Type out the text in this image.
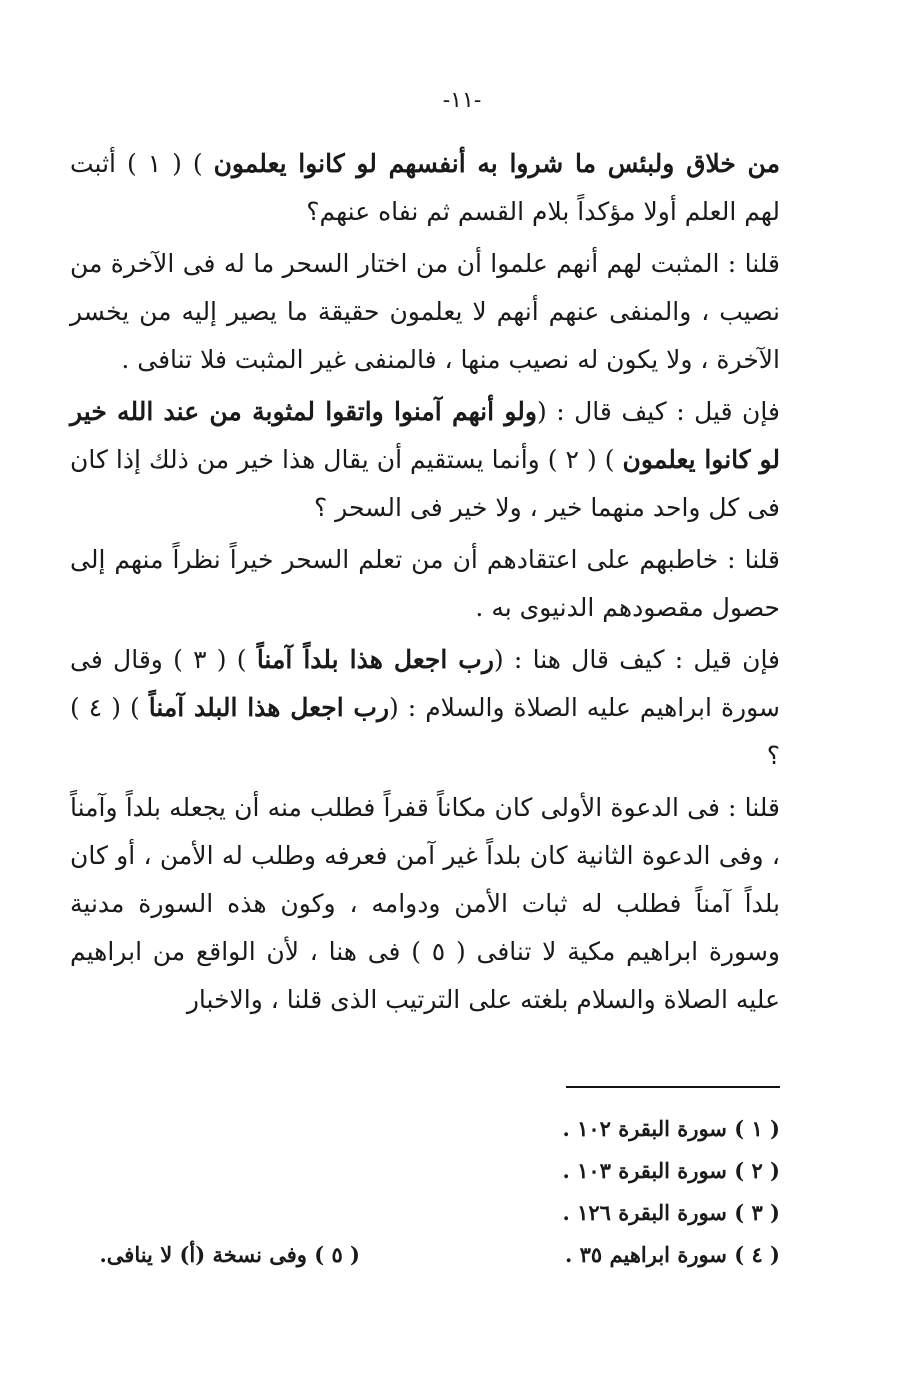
-١١-

من خلاق ولبئس ما شروا به أنفسهم لو كانوا يعلمون ) ( ١ ) أثبت لهم العلم أولا مؤكداً بلام القسم ثم نفاه عنهم؟

قلنا : المثبت لهم أنهم علموا أن من اختار السحر ما له فى الآخرة من نصيب ، والمنفى عنهم أنهم لا يعلمون حقيقة ما يصير إليه من يخسر الآخرة ، ولا يكون له نصيب منها ، فالمنفى غير المثبت فلا تنافى .

فإن قيل : كيف قال : (ولو أنهم آمنوا واتقوا لمثوبة من عند الله خير لو كانوا يعلمون ) ( ٢ ) وأنما يستقيم أن يقال هذا خير من ذلك إذا كان فى كل واحد منهما خير ، ولا خير فى السحر ؟

قلنا : خاطبهم على اعتقادهم أن من تعلم السحر خيراً نظراً منهم إلى حصول مقصودهم الدنيوى به .

فإن قيل : كيف قال هنا : (رب اجعل هذا بلداً آمناً ) ( ٣ ) وقال فى سورة ابراهيم عليه الصلاة والسلام : (رب اجعل هذا البلد آمناً ) ( ٤ ) ؟

قلنا : فى الدعوة الأولى كان مكاناً قفراً فطلب منه أن يجعله بلداً وآمناً ، وفى الدعوة الثانية كان بلداً غير آمن فعرفه وطلب له الأمن ، أو كان بلداً آمناً فطلب له ثبات الأمن ودوامه ، وكون هذه السورة مدنية وسورة ابراهيم مكية لا تنافى ( ٥ ) فى هنا ، لأن الواقع من ابراهيم عليه الصلاة والسلام بلغته على الترتيب الذى قلنا ، والاخبار

( ١ ) سورة البقرة ١٠٢ .
( ٢ ) سورة البقرة ١٠٣ .
( ٣ ) سورة البقرة ١٢٦ .
( ٤ ) سورة ابراهيم ٣٥ .
( ٥ ) وفى نسخة (أ) لا ينافى.
